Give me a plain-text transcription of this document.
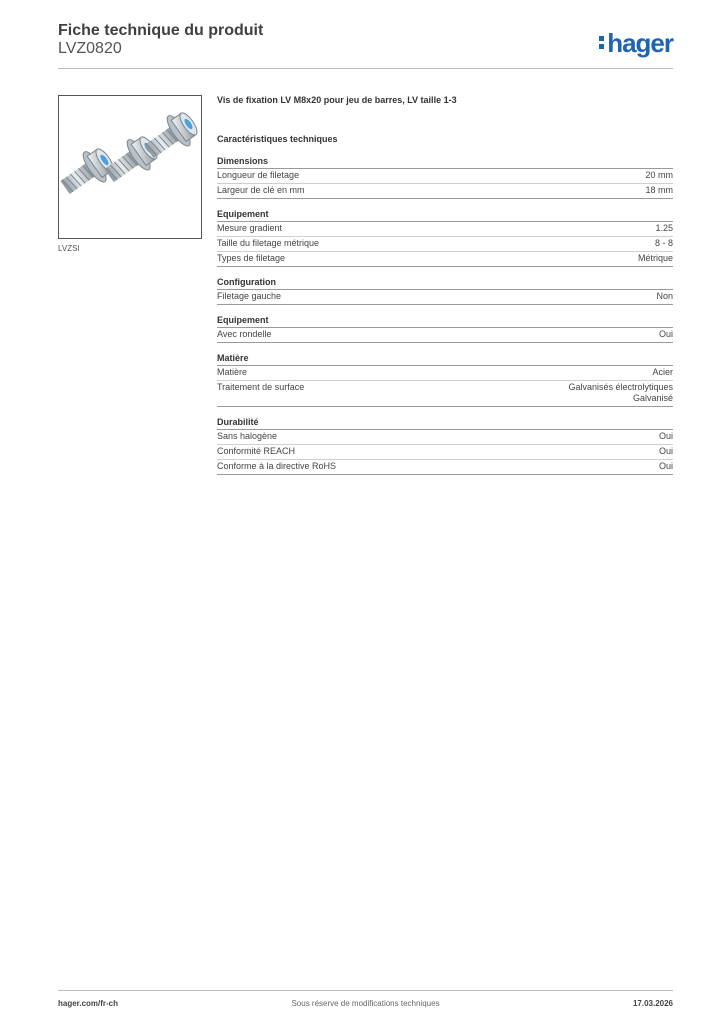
Fiche technique du produit
LVZ0820	hager
LVZSI
Vis de fixation LV M8x20 pour jeu de barres, LV taille 1-3
Caractéristiques techniques
Dimensions
Longueur de filetage	20 mm
Largeur de clé en mm	18 mm
Equipement
Mesure gradient	1.25
Taille du filetage métrique	8 - 8
Types de filetage	Métrique
Configuration
Filetage gauche	Non
Equipement
Avec rondelle	Oui
Matière
Matière	Acier
Traitement de surface	Galvanisés électrolytiques
Galvanisé
Durabilité
Sans halogène	Oui
Conformité REACH	Oui
Conforme à la directive RoHS	Oui
hager.com/fr-ch	Sous réserve de modifications techniques	17.03.2026
